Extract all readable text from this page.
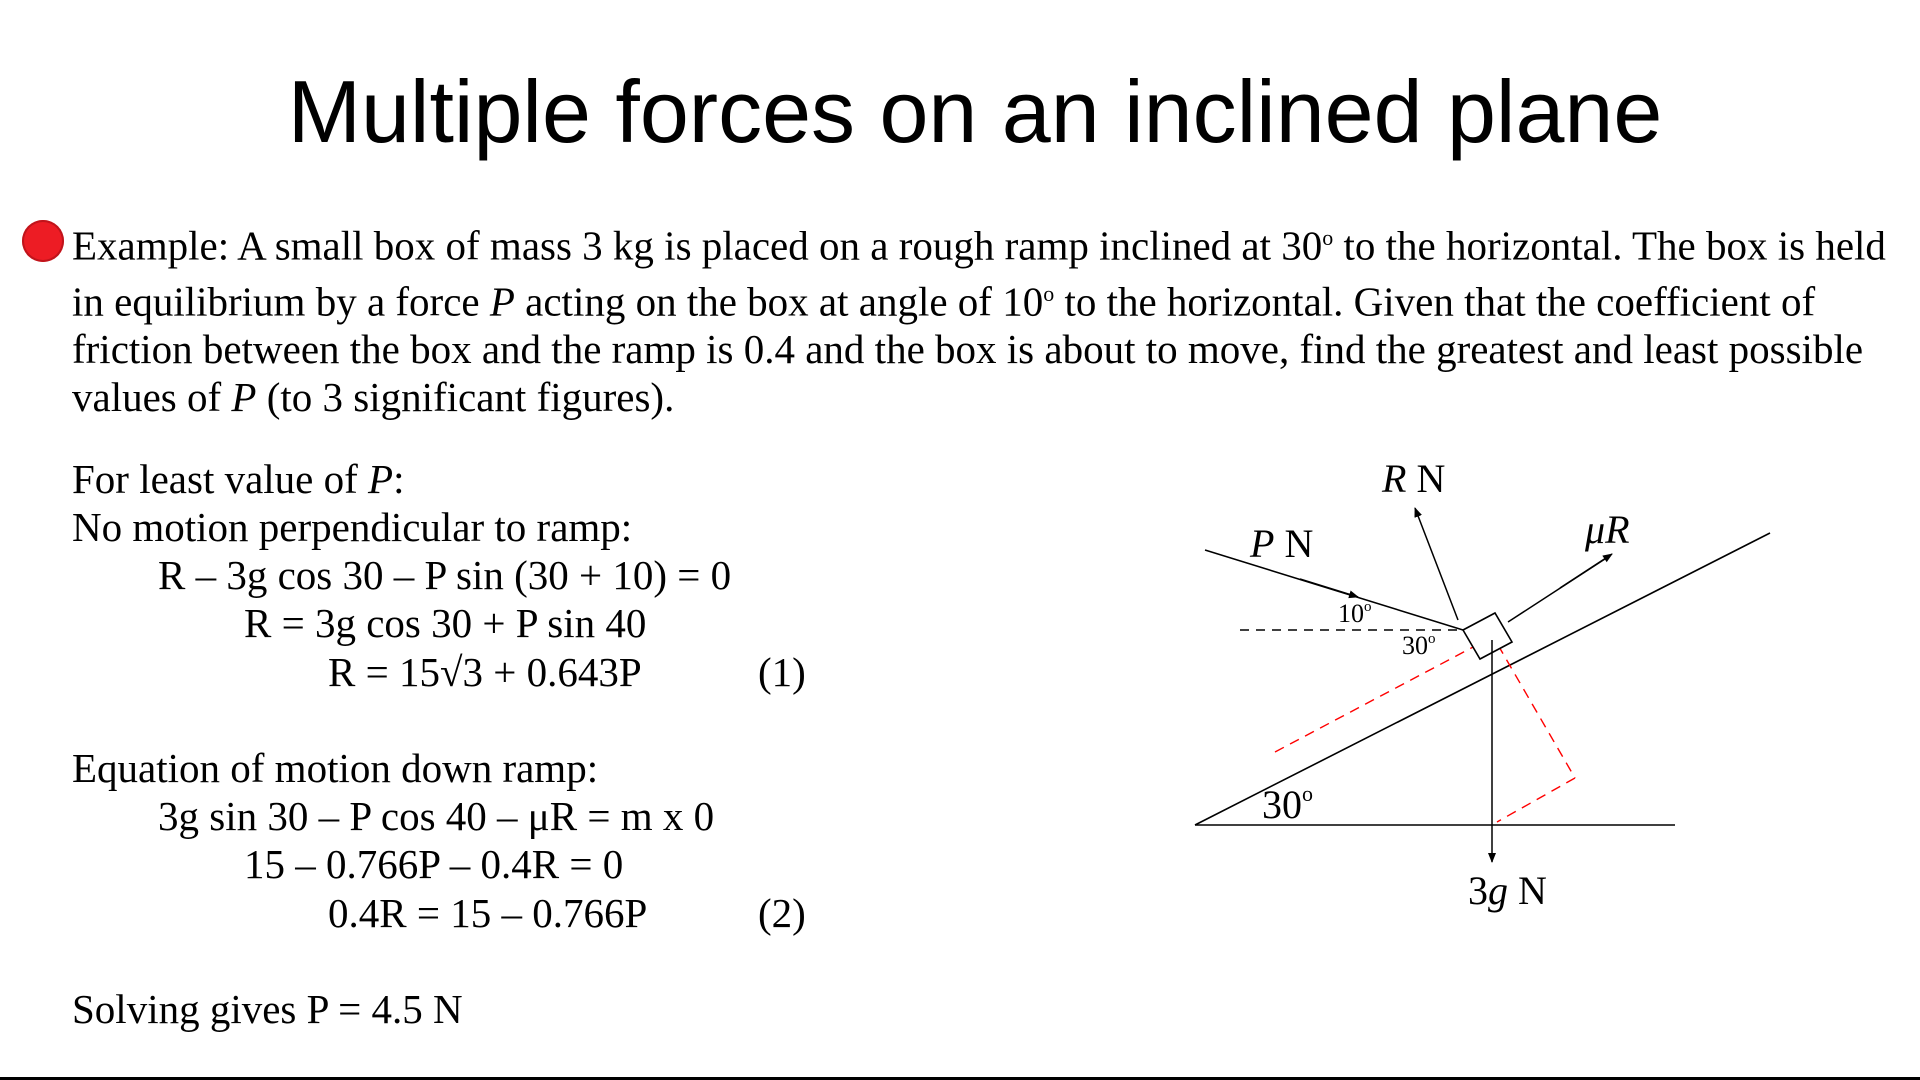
Multiple forces on an inclined plane
Example: A small box of mass 3 kg is placed on a rough ramp inclined at 30$^o$ to the horizontal. The box is held in equilibrium by a force P acting on the box at angle of 10$^o$ to the horizontal. Given that the coefficient of friction between the box and the ramp is 0.4 and the box is about to move, find the greatest and least possible values of P (to 3 significant figures).
For least value of P:
No motion perpendicular to ramp:
R – 3g cos 30 – P sin (30 + 10) = 0
R = 3g cos 30 + P sin 40
R = 15√3 + 0.643P	(1)
Equation of motion down ramp:
3g sin 30 – P cos 40 – μR = m x 0
15 – 0.766P – 0.4R = 0
0.4R = 15 – 0.766P	(2)
Solving gives P = 4.5 N
R N
P N	μR
10$^o$
30$^o$
30$^o$
3g N
